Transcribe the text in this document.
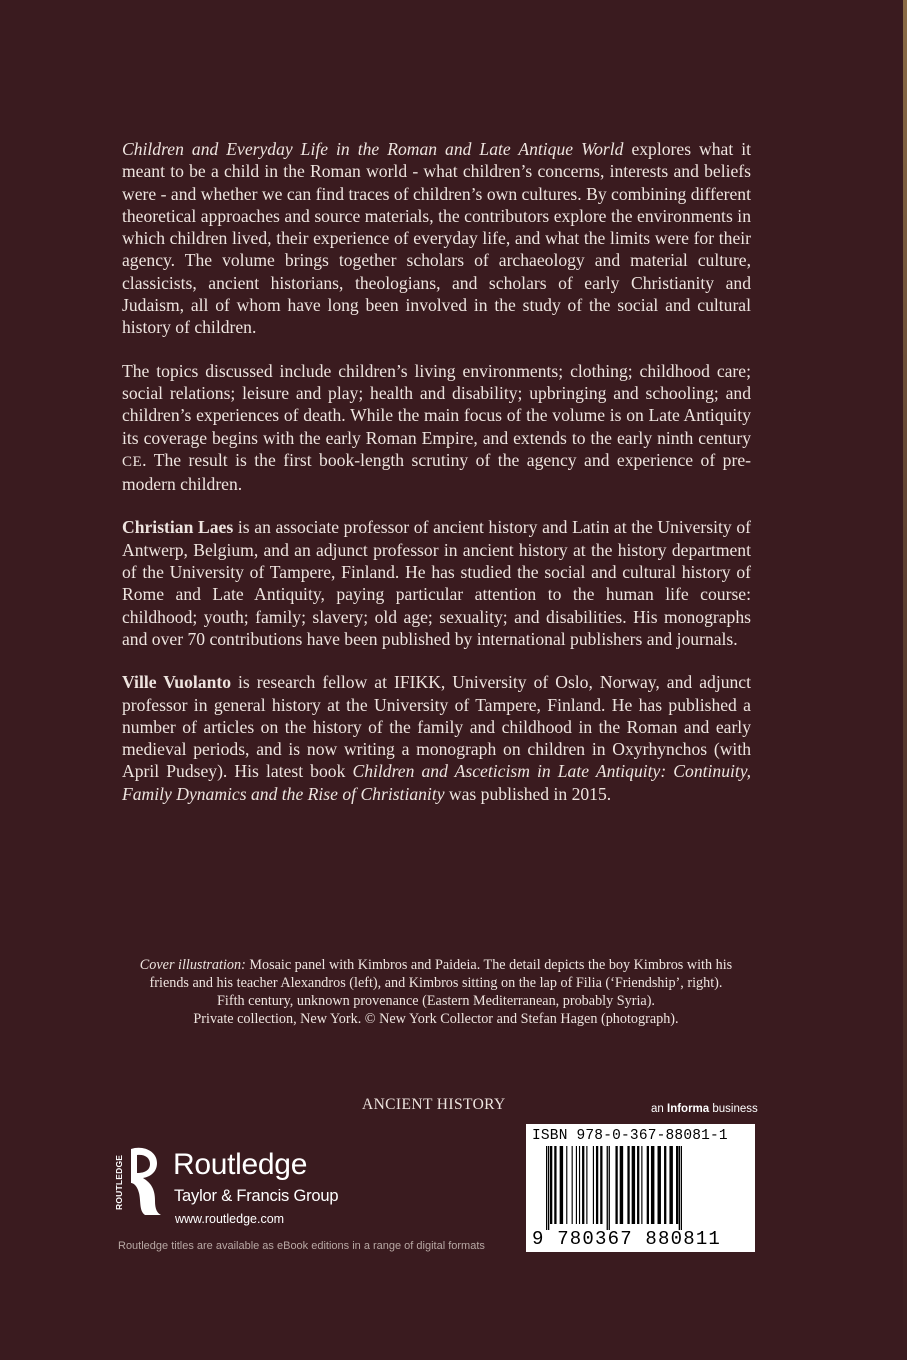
Children and Everyday Life in the Roman and Late Antique World explores what it meant to be a child in the Roman world - what children’s concerns, interests and beliefs were - and whether we can find traces of children’s own cultures. By combining different theoretical approaches and source materials, the contributors explore the environments in which children lived, their experience of everyday life, and what the limits were for their agency. The volume brings together scholars of archaeology and material culture, classicists, ancient historians, theologians, and scholars of early Christianity and Judaism, all of whom have long been involved in the study of the social and cultural history of children.

The topics discussed include children’s living environments; clothing; childhood care; social relations; leisure and play; health and disability; upbringing and schooling; and children’s experiences of death. While the main focus of the volume is on Late Antiquity its coverage begins with the early Roman Empire, and extends to the early ninth century CE. The result is the first book-length scrutiny of the agency and experience of pre-modern children.

Christian Laes is an associate professor of ancient history and Latin at the University of Antwerp, Belgium, and an adjunct professor in ancient history at the history department of the University of Tampere, Finland. He has studied the social and cultural history of Rome and Late Antiquity, paying particular attention to the human life course: childhood; youth; family; slavery; old age; sexuality; and disabilities. His monographs and over 70 contributions have been published by international publishers and journals.

Ville Vuolanto is research fellow at IFIKK, University of Oslo, Norway, and adjunct professor in general history at the University of Tampere, Finland. He has published a number of articles on the history of the family and childhood in the Roman and early medieval periods, and is now writing a monograph on children in Oxyrhynchos (with April Pudsey). His latest book Children and Asceticism in Late Antiquity: Continuity, Family Dynamics and the Rise of Christianity was published in 2015.

Cover illustration: Mosaic panel with Kimbros and Paideia. The detail depicts the boy Kimbros with his
friends and his teacher Alexandros (left), and Kimbros sitting on the lap of Filia (‘Friendship’, right).
Fifth century, unknown provenance (Eastern Mediterranean, probably Syria).
Private collection, New York. © New York Collector and Stefan Hagen (photograph).
ANCIENT HISTORY	an Informa business
ROUTLEDGE Routledge
Taylor & Francis Group
www.routledge.com
Routledge titles are available as eBook editions in a range of digital formats
ISBN 978-0-367-88081-1
9 780367 880811
